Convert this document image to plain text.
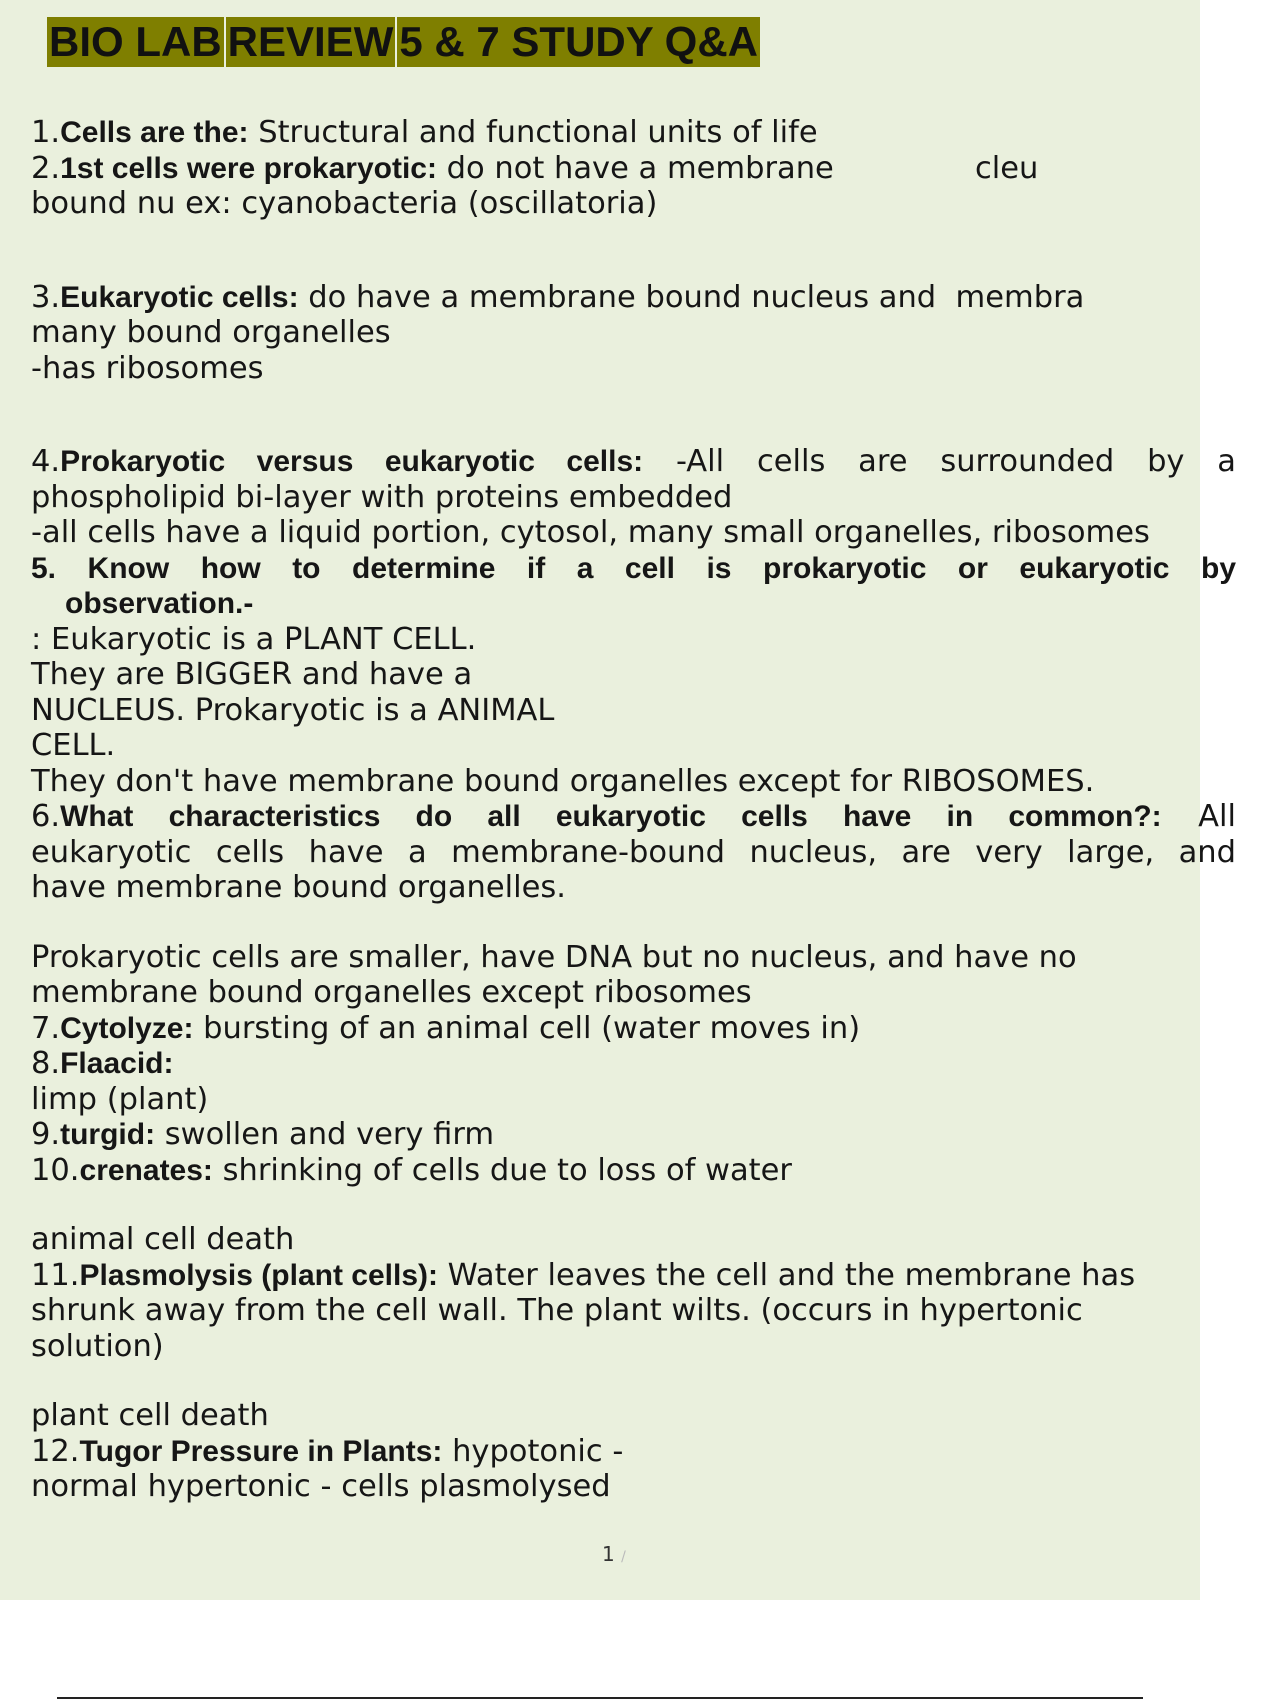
BIO LAB REVIEW 5 & 7 STUDY Q&A
1.Cells are the: Structural and functional units of life
2.1st cells were prokaryotic: do not have a membrane	cleu
bound nu ex: cyanobacteria (oscillatoria)
3.Eukaryotic cells: do have a membrane bound nucleus and  membra
many bound organelles
-has ribosomes
4.Prokaryotic versus eukaryotic cells: -All cells are surrounded by a
phospholipid bi-layer with proteins embedded
-all cells have a liquid portion, cytosol, many small organelles, ribosomes
5. Know how to determine if a cell is prokaryotic or eukaryotic by
observation.-
: Eukaryotic is a PLANT CELL.
They are BIGGER and have a
NUCLEUS. Prokaryotic is a ANIMAL
CELL.
They don't have membrane bound organelles except for RIBOSOMES.
6.What characteristics do all eukaryotic cells have in common?: All
eukaryotic cells have a membrane-bound nucleus, are very large, and
have membrane bound organelles.
Prokaryotic cells are smaller, have DNA but no nucleus, and have no
membrane bound organelles except ribosomes
7.Cytolyze: bursting of an animal cell (water moves in)
8.Flaacid:
limp (plant)
9.turgid: swollen and very firm
10.crenates: shrinking of cells due to loss of water
animal cell death
11.Plasmolysis (plant cells): Water leaves the cell and the membrane has
shrunk away from the cell wall. The plant wilts. (occurs in hypertonic
solution)
plant cell death
12.Tugor Pressure in Plants: hypotonic -
normal hypertonic - cells plasmolysed
1 /
